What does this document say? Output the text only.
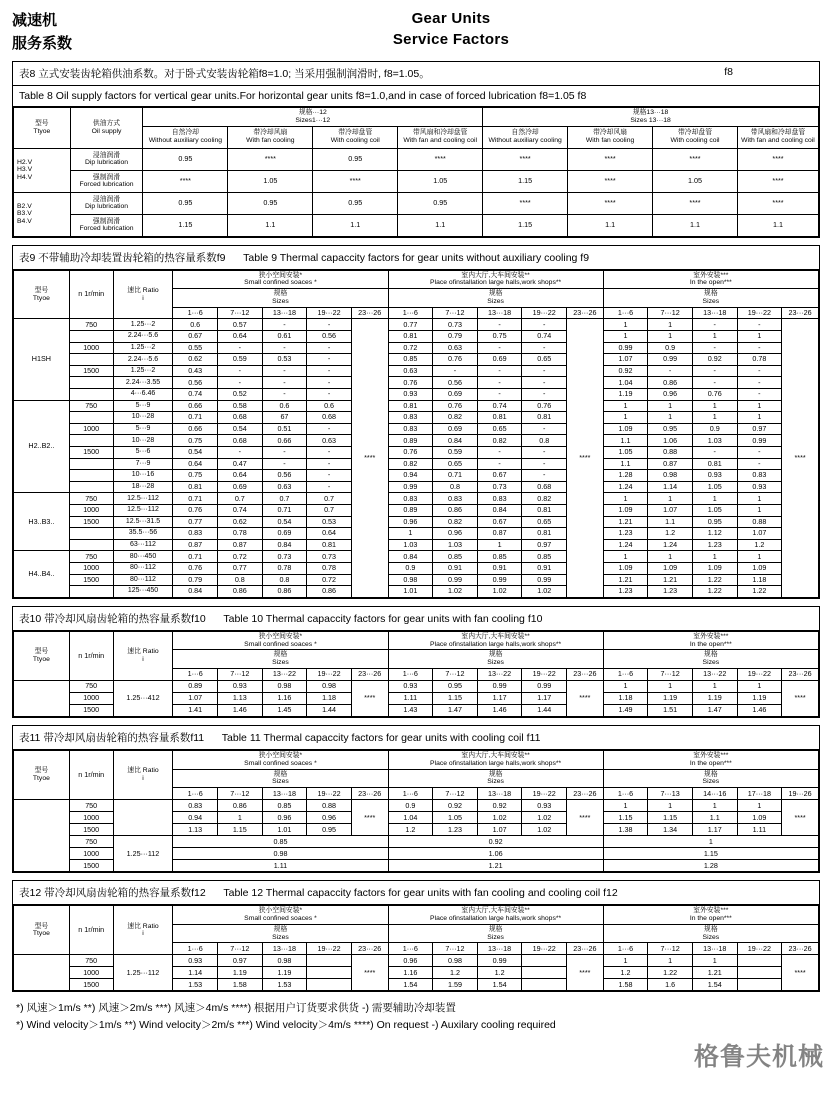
减速机
服务系数
Gear Units
Service Factors
表8 立式安装齿轮箱供油系数。对于卧式安装齿轮箱f8=1.0; 当采用强制润滑时, f8=1.05。	f8
Table 8 Oil supply factors for vertical gear units.For horizontal gear units f8=1.0,and in case of forced lubrication f8=1.05 f8
型号
Ttyoe	供油方式
Oil supply	规格···12
Sizes1···12				规格13···18
Sizes 13···18			

		自然冷却
Without auxiliary cooling	带冷却风扇
With fan cooling	带冷却盘管
With cooling coil	带风扇和冷却盘管
With fan and cooling coil	自然冷却
Without auxiliary cooling	带冷却风扇
With fan cooling	带冷却盘管
With cooling coil	带风扇和冷却盘管
With fan and cooling coil

H2.V
H3.V
H4.V

浸油润滑
Dip lubrication	0.95	****	0.95	****	****	****	****	****

	强制润滑
Forced lubrication	****	1.05	****	1.05	1.15	****	1.05	****

B2.V
B3.V
B4.V

浸油润滑
Dip lubrication	0.95	0.95	0.95	0.95	****	****	****	****

	强制润滑
Forced lubrication	1.15	1.1	1.1	1.1	1.15	1.1	1.1	1.1
表9 不带辅助冷却装置齿轮箱的热容量系数f9 Table 9 Thermal capaccity factors for gear units without auxiliary cooling f9
型号
Ttyoe	n 1r/min	速比 Ratio
i	狭小空间安装*
Small confined soaces *					室内大厅,大车间安装**
Place ofinstallation large halls,work shops**					室外安装***
In the open***				

			规格
Sizes					规格
Sizes					规格
Sizes				

			1···6	7···12	13···18	19···22	23···26	1···6	7···12	13···18	19···22	23···26	1···6	7···12	13···18	19···22	23···26
H1SH	750	1.25···2	0.6	0.57	-	-	****	0.77	0.73	-	-	****	1	1	-	-	****
		2.24···5.6	0.67	0.64	0.61	0.56		0.81	0.79	0.75	0.74		1	1	1	1	
	1000	1.25···2	0.55	-	-	-		0.72	0.63	-	-		0.99	0.9	-	-	
		2.24···5.6	0.62	0.59	0.53	-		0.85	0.76	0.69	0.65		1.07	0.99	0.92	0.78	
	1500	1.25···2	0.43	-	-	-		0.63	-	-	-		0.92	-	-	-	
		2.24···3.55	0.56	-	-	-		0.76	0.56	-	-		1.04	0.86	-	-	
		4···6.46	0.74	0.52	-	-		0.93	0.69	-	-		1.19	0.96	0.76	-	
H2..B2..	750	5···9	0.66	0.58	0.6	0.6		0.81	0.76	0.74	0.76		1	1	1	1	
		10···28	0.71	0.68	67	0.68		0.83	0.82	0.81	0.81		1	1	1	1	
	1000	5···9	0.66	0.54	0.51	-		0.83	0.69	0.65	-		1.09	0.95	0.9	0.97	
		10···28	0.75	0.68	0.66	0.63		0.89	0.84	0.82	0.8		1.1	1.06	1.03	0.99	
	1500	5···6	0.54	-	-	-		0.76	0.59	-	-		1.05	0.88	-	-	
		7···9	0.64	0.47	-	-		0.82	0.65	-	-		1.1	0.87	0.81	-	
		10···16	0.75	0.64	0.56	-		0.94	0.71	0.67	-		1.28	0.98	0.93	0.83	
		18···28	0.81	0.69	0.63	-		0.99	0.8	0.73	0.68		1.24	1.14	1.05	0.93	
H3..B3..	750	12.5···112	0.71	0.7	0.7	0.7		0.83	0.83	0.83	0.82		1	1	1	1	
	1000	12.5···112	0.76	0.74	0.71	0.7		0.89	0.86	0.84	0.81		1.09	1.07	1.05	1	
	1500	12.5···31.5	0.77	0.62	0.54	0.53		0.96	0.82	0.67	0.65		1.21	1.1	0.95	0.88	
		35.5···56	0.83	0.78	0.69	0.64		1	0.96	0.87	0.81		1.23	1.2	1.12	1.07	
		63···112	0.87	0.87	0.84	0.81		1.03	1.03	1	0.97		1.24	1.24	1.23	1.2	
H4..B4..	750	80···450	0.71	0.72	0.73	0.73		0.84	0.85	0.85	0.85		1	1	1	1	
	1000	80···112	0.76	0.77	0.78	0.78		0.9	0.91	0.91	0.91		1.09	1.09	1.09	1.09	
	1500	80···112	0.79	0.8	0.8	0.72		0.98	0.99	0.99	0.99		1.21	1.21	1.22	1.18	
		125···450	0.84	0.86	0.86	0.86		1.01	1.02	1.02	1.02		1.23	1.23	1.22	1.22	
表10 带冷却风扇齿轮箱的热容量系数f10 Table 10 Thermal capaccity factors for gear units with fan cooling f10
型号
Ttyoe	n 1r/min	速比 Ratio
i	狭小空间安装*
Small confined soaces *					室内大厅,大车间安装**
Place ofinstallation large halls,work shops**					室外安装***
In the open***				

			规格
Sizes					规格
Sizes					规格
Sizes				

			1···6	7···12	13···22	19···22	23···26	1···6	7···12	13···22	19···22	23···26	1···6	7···12	13···22	19···22	23···26
	750	1.25···412	0.89	0.93	0.98	0.98	****	0.93	0.95	0.99	0.99	****	1	1	1	1	****
	1000		1.07	1.13	1.16	1.18		1.11	1.15	1.17	1.17		1.18	1.19	1.19	1.19	
	1500		1.41	1.46	1.45	1.44		1.43	1.47	1.46	1.44		1.49	1.51	1.47	1.46	
表11 带冷却风扇齿轮箱的热容量系数f11 Table 11 Thermal capaccity factors for gear units with cooling coil f11
型号
Ttyoe	n 1r/min	速比 Ratio
i	狭小空间安装*
Small confined soaces *					室内大厅,大车间安装**
Place ofinstallation large halls,work shops**					室外安装***
In the open***				

			规格
Sizes					规格
Sizes					规格
Sizes				

			1···6	7···12	13···18	19···22	23···26	1···6	7···12	13···18	19···22	23···26	1···6	7···13	14···16	17···18	19···26
	750		0.83	0.86	0.85	0.88	****	0.9	0.92	0.92	0.93	****	1	1	1	1	****
	1000		0.94	1	0.96	0.96		1.04	1.05	1.02	1.02		1.15	1.15	1.1	1.09	
	1500		1.13	1.15	1.01	0.95		1.2	1.23	1.07	1.02		1.38	1.34	1.17	1.11	
	750	1.25···112	0.85					0.92					1				
	1000		0.98					1.06					1.15				
	1500		1.11					1.21					1.28				
表12 带冷却风扇齿轮箱的热容量系数f12 Table 12 Thermal capaccity factors for gear units with fan cooling and cooling coil f12
型号
Ttyoe	n 1r/min	速比 Ratio
i	狭小空间安装*
Small confined soaces *					室内大厅,大车间安装**
Place ofinstallation large halls,work shops**					室外安装***
In the open***				

			规格
Sizes					规格
Sizes					规格
Sizes				

			1···6	7···12	13···18	19···22	23···26	1···6	7···12	13···18	19···22	23···26	1···6	7···12	13···18	19···22	23···26
	750	1.25···112	0.93	0.97	0.98		****	0.96	0.98	0.99		****	1	1	1		****
	1000		1.14	1.19	1.19			1.16	1.2	1.2			1.2	1.22	1.21		
	1500		1.53	1.58	1.53			1.54	1.59	1.54			1.58	1.6	1.54		
*) 风速＞1m/s **) 风速＞2m/s ***) 风速＞4m/s ****) 根据用户订货要求供货 -) 需要辅助冷却装置
*) Wind velocity＞1m/s **) Wind velocity＞2m/s ***) Wind velocity＞4m/s ****) On request -) Auxilary cooling required
格鲁夫机械
